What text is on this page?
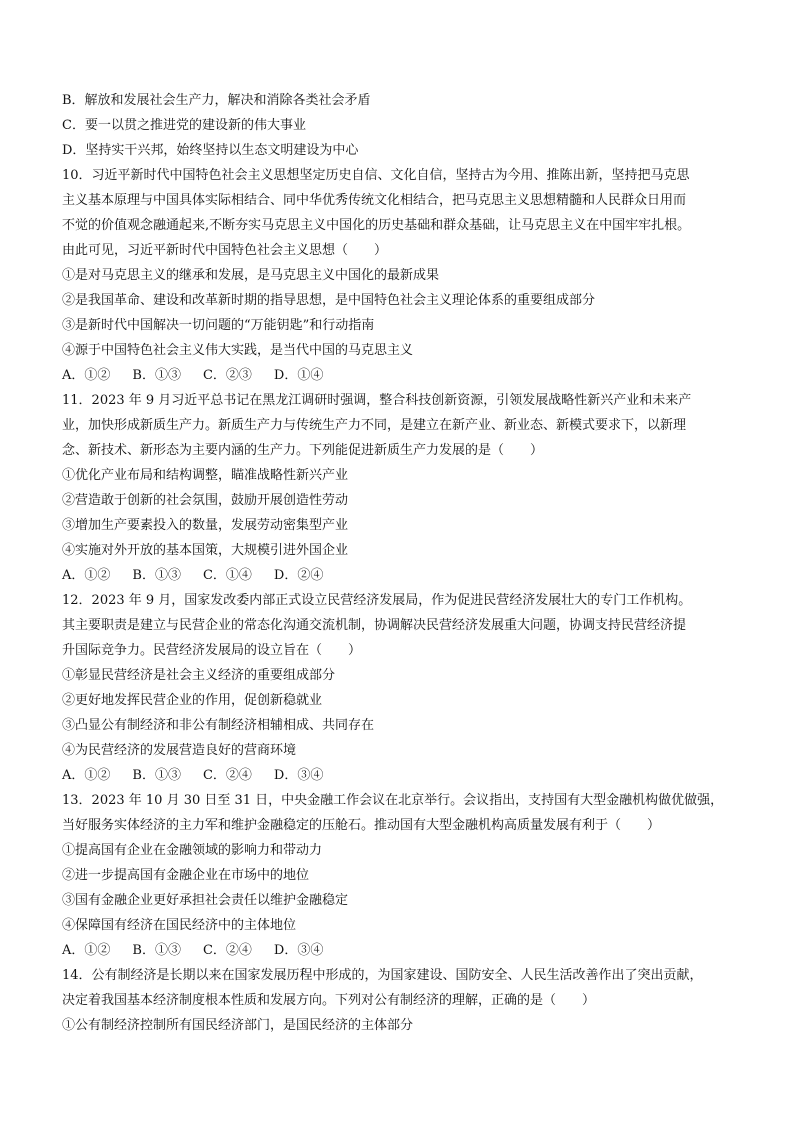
B．解放和发展社会生产力，解决和消除各类社会矛盾
C．要一以贯之推进党的建设新的伟大事业
D．坚持实干兴邦，始终坚持以生态文明建设为中心
10．习近平新时代中国特色社会主义思想坚定历史自信、文化自信，坚持古为今用、推陈出新，坚持把马克思
主义基本原理与中国具体实际相结合、同中华优秀传统文化相结合，把马克思主义思想精髓和人民群众日用而
不觉的价值观念融通起来,不断夯实马克思主义中国化的历史基础和群众基础，让马克思主义在中国牢牢扎根。
由此可见，习近平新时代中国特色社会主义思想（　　）
①是对马克思主义的继承和发展，是马克思主义中国化的最新成果
②是我国革命、建设和改革新时期的指导思想，是中国特色社会主义理论体系的重要组成部分
③是新时代中国解决一切问题的“万能钥匙”和行动指南
④源于中国特色社会主义伟大实践，是当代中国的马克思主义
A．①② B．①③ C．②③ D．①④
11．2023 年 9 月习近平总书记在黑龙江调研时强调，整合科技创新资源，引领发展战略性新兴产业和未来产
业，加快形成新质生产力。新质生产力与传统生产力不同，是建立在新产业、新业态、新模式要求下，以新理
念、新技术、新形态为主要内涵的生产力。下列能促进新质生产力发展的是（　　）
①优化产业布局和结构调整，瞄准战略性新兴产业
②营造敢于创新的社会氛围，鼓励开展创造性劳动
③增加生产要素投入的数量，发展劳动密集型产业
④实施对外开放的基本国策，大规模引进外国企业
A．①② B．①③ C．①④ D．②④
12．2023 年 9 月，国家发改委内部正式设立民营经济发展局，作为促进民营经济发展壮大的专门工作机构。
其主要职责是建立与民营企业的常态化沟通交流机制，协调解决民营经济发展重大问题，协调支持民营经济提
升国际竞争力。民营经济发展局的设立旨在（　　）
①彰显民营经济是社会主义经济的重要组成部分
②更好地发挥民营企业的作用，促创新稳就业
③凸显公有制经济和非公有制经济相辅相成、共同存在
④为民营经济的发展营造良好的营商环境
A．①② B．①③ C．②④ D．③④
13．2023 年 10 月 30 日至 31 日，中央金融工作会议在北京举行。会议指出，支持国有大型金融机构做优做强，
当好服务实体经济的主力军和维护金融稳定的压舱石。推动国有大型金融机构高质量发展有利于（　　）
①提高国有企业在金融领域的影响力和带动力
②进一步提高国有金融企业在市场中的地位
③国有金融企业更好承担社会责任以维护金融稳定
④保障国有经济在国民经济中的主体地位
A．①② B．①③ C．②④ D．③④
14．公有制经济是长期以来在国家发展历程中形成的，为国家建设、国防安全、人民生活改善作出了突出贡献，
决定着我国基本经济制度根本性质和发展方向。下列对公有制经济的理解，正确的是（　　）
①公有制经济控制所有国民经济部门，是国民经济的主体部分
